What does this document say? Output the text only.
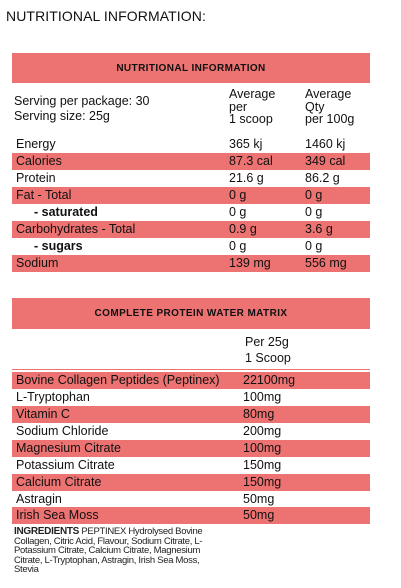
NUTRITIONAL INFORMATION:
NUTRITIONAL INFORMATION
Serving per package: 30
Serving size: 25g
Average
per
1 scoop
Average
Qty
per 100g
Energy	365 kj	1460 kj
Calories	87.3 cal	349 cal
Protein	21.6 g	86.2 g
Fat - Total	0 g	0 g
- saturated	0 g	0 g
Carbohydrates - Total	0.9 g	3.6 g
- sugars	0 g	0 g
Sodium	139 mg	556 mg
COMPLETE PROTEIN WATER MATRIX
Per 25g
1 Scoop
Bovine Collagen Peptides (Peptinex) 22100mg
L-Tryptophan	100mg
Vitamin C	80mg
Sodium Chloride	200mg
Magnesium Citrate	100mg
Potassium Citrate	150mg
Calcium Citrate	150mg
Astragin	50mg
Irish Sea Moss	50mg
INGREDIENTS PEPTINEX Hydrolysed Bovine Collagen, Citric Acid, Flavour, Sodium Citrate, L- Potassium Citrate, Calcium Citrate, Magnesium Citrate, L-Tryptophan, Astragin, Irish Sea Moss, Stevia
